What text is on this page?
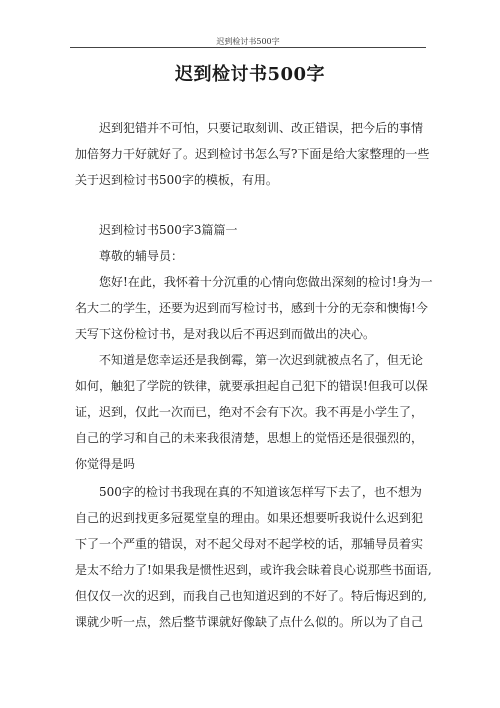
迟到检讨书500字
迟到检讨书500字
迟到犯错并不可怕，只要记取刻训、改正错误，把今后的事情
加倍努力干好就好了。迟到检讨书怎么写?下面是给大家整理的一些
关于迟到检讨书500字的模板，有用。
迟到检讨书500字3篇篇一
尊敬的辅导员：
您好!在此，我怀着十分沉重的心情向您做出深刻的检讨!身为一
名大二的学生，还要为迟到而写检讨书，感到十分的无奈和懊悔!今
天写下这份检讨书，是对我以后不再迟到而做出的决心。
不知道是您幸运还是我倒霉，第一次迟到就被点名了，但无论
如何，触犯了学院的铁律，就要承担起自己犯下的错误!但我可以保
证，迟到，仅此一次而已，绝对不会有下次。我不再是小学生了，
自己的学习和自己的未来我很清楚，思想上的觉悟还是很强烈的，
你觉得是吗
500字的检讨书我现在真的不知道该怎样写下去了，也不想为
自己的迟到找更多冠冕堂皇的理由。如果还想要听我说什么迟到犯
下了一个严重的错误，对不起父母对不起学校的话，那辅导员着实
是太不给力了!如果我是惯性迟到，或许我会昧着良心说那些书面语,
但仅仅一次的迟到，而我自己也知道迟到的不好了。特后悔迟到的,
课就少听一点，然后整节课就好像缺了点什么似的。所以为了自己
